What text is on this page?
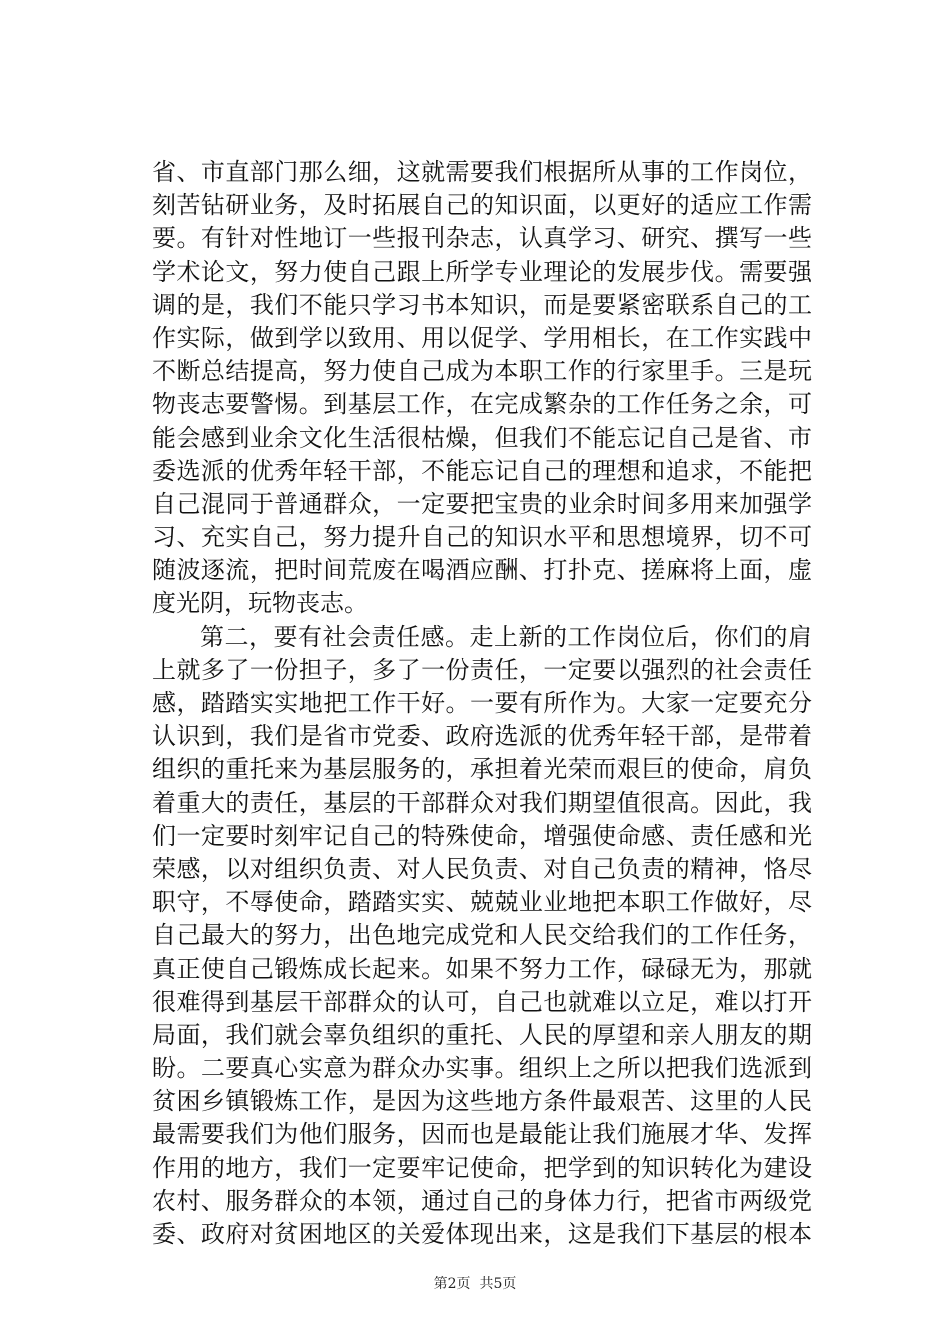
省、市直部门那么细，这就需要我们根据所从事的工作岗位，
刻苦钻研业务，及时拓展自己的知识面，以更好的适应工作需
要。有针对性地订一些报刊杂志，认真学习、研究、撰写一些
学术论文，努力使自己跟上所学专业理论的发展步伐。需要强
调的是，我们不能只学习书本知识，而是要紧密联系自己的工
作实际，做到学以致用、用以促学、学用相长，在工作实践中
不断总结提高，努力使自己成为本职工作的行家里手。三是玩
物丧志要警惕。到基层工作，在完成繁杂的工作任务之余，可
能会感到业余文化生活很枯燥，但我们不能忘记自己是省、市
委选派的优秀年轻干部，不能忘记自己的理想和追求，不能把
自己混同于普通群众，一定要把宝贵的业余时间多用来加强学
习、充实自己，努力提升自己的知识水平和思想境界，切不可
随波逐流，把时间荒废在喝酒应酬、打扑克、搓麻将上面，虚
度光阴，玩物丧志。
第二，要有社会责任感。走上新的工作岗位后，你们的肩
上就多了一份担子，多了一份责任，一定要以强烈的社会责任
感，踏踏实实地把工作干好。一要有所作为。大家一定要充分
认识到，我们是省市党委、政府选派的优秀年轻干部，是带着
组织的重托来为基层服务的，承担着光荣而艰巨的使命，肩负
着重大的责任，基层的干部群众对我们期望值很高。因此，我
们一定要时刻牢记自己的特殊使命，增强使命感、责任感和光
荣感，以对组织负责、对人民负责、对自己负责的精神，恪尽
职守，不辱使命，踏踏实实、兢兢业业地把本职工作做好，尽
自己最大的努力，出色地完成党和人民交给我们的工作任务，
真正使自己锻炼成长起来。如果不努力工作，碌碌无为，那就
很难得到基层干部群众的认可，自己也就难以立足，难以打开
局面，我们就会辜负组织的重托、人民的厚望和亲人朋友的期
盼。二要真心实意为群众办实事。组织上之所以把我们选派到
贫困乡镇锻炼工作，是因为这些地方条件最艰苦、这里的人民
最需要我们为他们服务，因而也是最能让我们施展才华、发挥
作用的地方，我们一定要牢记使命，把学到的知识转化为建设
农村、服务群众的本领，通过自己的身体力行，把省市两级党
委、政府对贫困地区的关爱体现出来，这是我们下基层的根本
第2页  共5页
